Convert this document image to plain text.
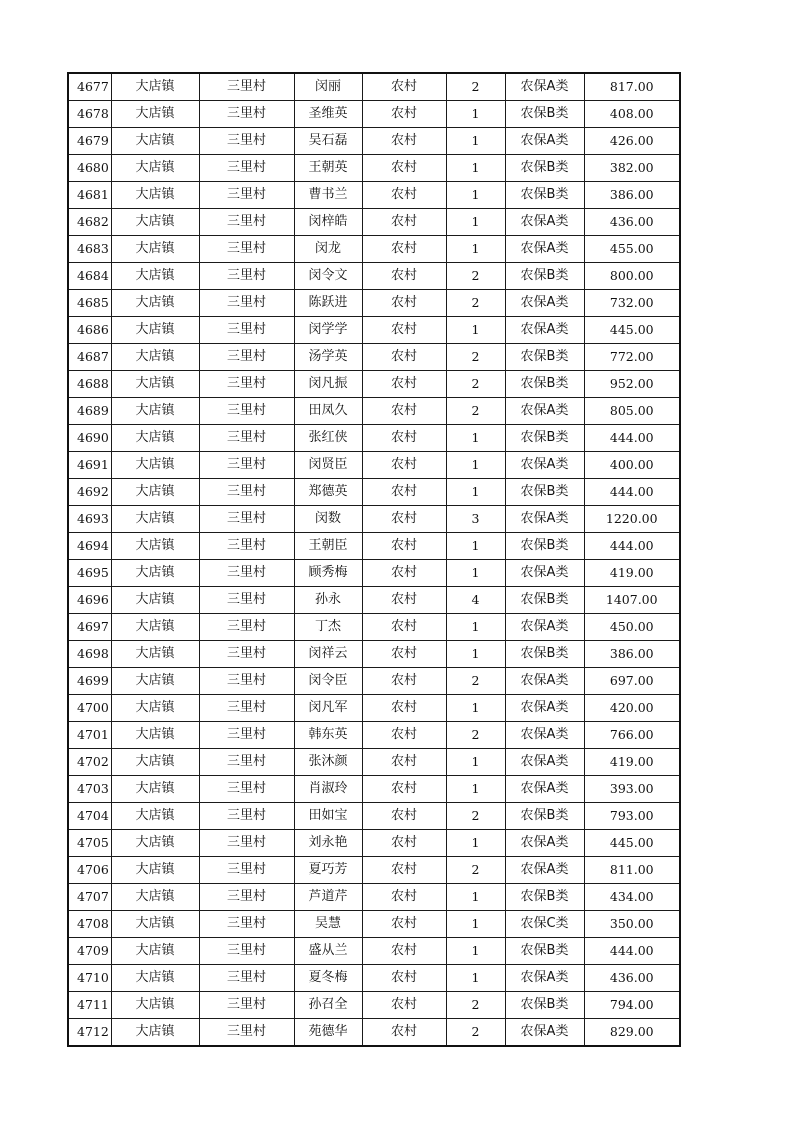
4677	大店镇	三里村	闵丽	农村	2	农保A类	817.00
4678	大店镇	三里村	圣维英	农村	1	农保B类	408.00
4679	大店镇	三里村	吴石磊	农村	1	农保A类	426.00
4680	大店镇	三里村	王朝英	农村	1	农保B类	382.00
4681	大店镇	三里村	曹书兰	农村	1	农保B类	386.00
4682	大店镇	三里村	闵梓皓	农村	1	农保A类	436.00
4683	大店镇	三里村	闵龙	农村	1	农保A类	455.00
4684	大店镇	三里村	闵令文	农村	2	农保B类	800.00
4685	大店镇	三里村	陈跃进	农村	2	农保A类	732.00
4686	大店镇	三里村	闵学学	农村	1	农保A类	445.00
4687	大店镇	三里村	汤学英	农村	2	农保B类	772.00
4688	大店镇	三里村	闵凡振	农村	2	农保B类	952.00
4689	大店镇	三里村	田凤久	农村	2	农保A类	805.00
4690	大店镇	三里村	张红侠	农村	1	农保B类	444.00
4691	大店镇	三里村	闵贤臣	农村	1	农保A类	400.00
4692	大店镇	三里村	郑德英	农村	1	农保B类	444.00
4693	大店镇	三里村	闵数	农村	3	农保A类	1220.00
4694	大店镇	三里村	王朝臣	农村	1	农保B类	444.00
4695	大店镇	三里村	顾秀梅	农村	1	农保A类	419.00
4696	大店镇	三里村	孙永	农村	4	农保B类	1407.00
4697	大店镇	三里村	丁杰	农村	1	农保A类	450.00
4698	大店镇	三里村	闵祥云	农村	1	农保B类	386.00
4699	大店镇	三里村	闵令臣	农村	2	农保A类	697.00
4700	大店镇	三里村	闵凡军	农村	1	农保A类	420.00
4701	大店镇	三里村	韩东英	农村	2	农保A类	766.00
4702	大店镇	三里村	张沐颜	农村	1	农保A类	419.00
4703	大店镇	三里村	肖淑玲	农村	1	农保A类	393.00
4704	大店镇	三里村	田如宝	农村	2	农保B类	793.00
4705	大店镇	三里村	刘永艳	农村	1	农保A类	445.00
4706	大店镇	三里村	夏巧芳	农村	2	农保A类	811.00
4707	大店镇	三里村	芦道芹	农村	1	农保B类	434.00
4708	大店镇	三里村	吴慧	农村	1	农保C类	350.00
4709	大店镇	三里村	盛从兰	农村	1	农保B类	444.00
4710	大店镇	三里村	夏冬梅	农村	1	农保A类	436.00
4711	大店镇	三里村	孙召全	农村	2	农保B类	794.00
4712	大店镇	三里村	苑德华	农村	2	农保A类	829.00
